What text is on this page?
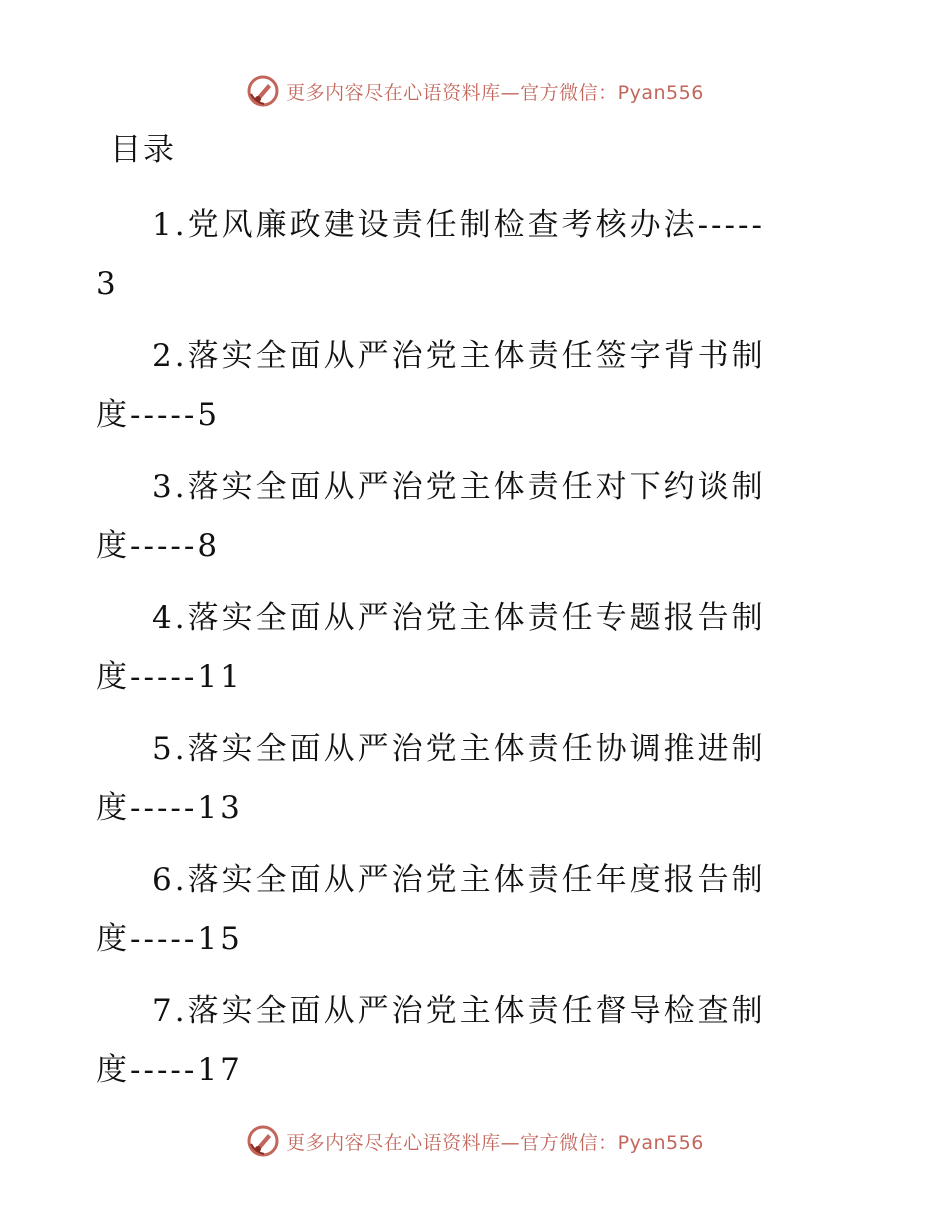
更多内容尽在心语资料库—官方微信：Pyan556
目录

1.党风廉政建设责任制检查考核办法-----3

2.落实全面从严治党主体责任签字背书制度-----5

3.落实全面从严治党主体责任对下约谈制度-----8

4.落实全面从严治党主体责任专题报告制度-----11

5.落实全面从严治党主体责任协调推进制度-----13

6.落实全面从严治党主体责任年度报告制度-----15

7.落实全面从严治党主体责任督导检查制度-----17

更多内容尽在心语资料库—官方微信：Pyan556
